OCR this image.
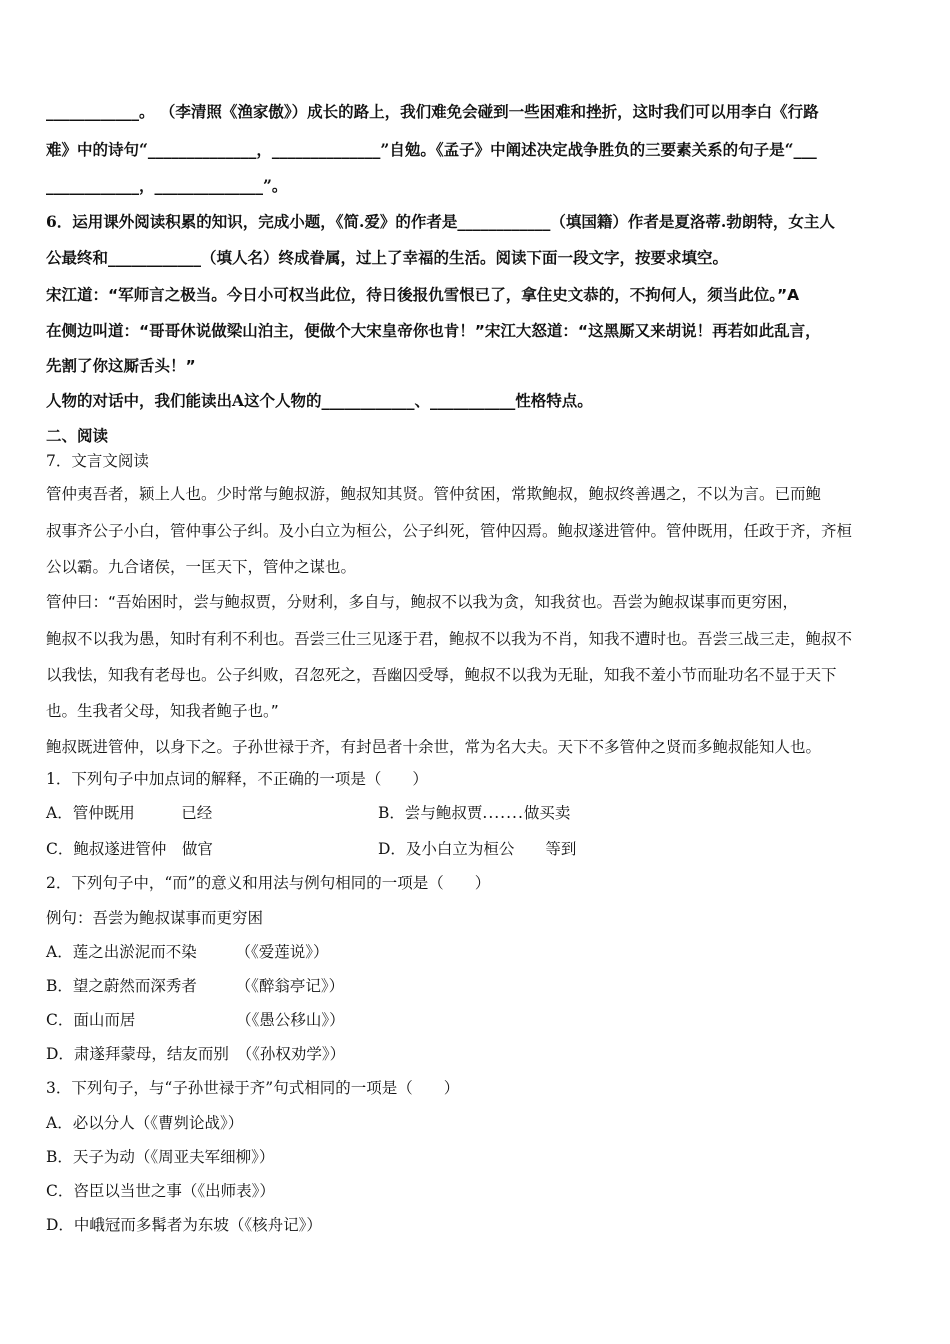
____________。 （李清照《渔家傲》）成长的路上，我们难免会碰到一些困难和挫折，这时我们可以用李白《行路
难》中的诗句“______________，______________”自勉。《孟子》中阐述决定战争胜负的三要素关系的句子是“___
____________，______________”。
6．运用课外阅读积累的知识，完成小题，《简.爱》的作者是____________（填国籍）作者是夏洛蒂.勃朗特，女主人
公最终和____________（填人名）终成眷属，过上了幸福的生活。阅读下面一段文字，按要求填空。
宋江道：“军师言之极当。今日小可权当此位，待日後报仇雪恨已了，拿住史文恭的，不拘何人，须当此位。”A
在侧边叫道：“哥哥休说做梁山泊主，便做个大宋皇帝你也肯！”宋江大怒道：“这黑厮又来胡说！再若如此乱言，
先割了你这厮舌头！”
人物的对话中，我们能读出A这个人物的____________、___________性格特点。
二、阅读
7．文言文阅读
管仲夷吾者，颍上人也。少时常与鲍叔游，鲍叔知其贤。管仲贫困，常欺鲍叔，鲍叔终善遇之，不以为言。已而鲍
叔事齐公子小白，管仲事公子纠。及小白立为桓公，公子纠死，管仲囚焉。鲍叔遂进管仲。管仲既用，任政于齐，齐桓
公以霸。九合诸侯，一匡天下，管仲之谋也。
管仲曰：“吾始困时，尝与鲍叔贾，分财利，多自与，鲍叔不以我为贪，知我贫也。吾尝为鲍叔谋事而更穷困，
鲍叔不以我为愚，知时有利不利也。吾尝三仕三见逐于君，鲍叔不以我为不肖，知我不遭时也。吾尝三战三走，鲍叔不
以我怯，知我有老母也。公子纠败，召忽死之，吾幽囚受辱，鲍叔不以我为无耻，知我不羞小节而耻功名不显于天下
也。生我者父母，知我者鲍子也。”
鲍叔既进管仲，以身下之。子孙世禄于齐，有封邑者十余世，常为名大夫。天下不多管仲之贤而多鲍叔能知人也。
1．下列句子中加点词的解释，不正确的一项是（　　）
A．管仲既用　　　已经	B．尝与鲍叔贾.......做买卖
C．鲍叔遂进管仲　做官	D．及小白立为桓公　　等到
2．下列句子中，“而”的意义和用法与例句相同的一项是（　　）
例句：吾尝为鲍叔谋事而更穷困
A．莲之出淤泥而不染　　　（《爱莲说》）
B．望之蔚然而深秀者　　　（《醉翁亭记》）
C．面山而居　　　　　　　（《愚公移山》）
D．肃遂拜蒙母，结友而别　（《孙权劝学》）
3．下列句子，与“子孙世禄于齐”句式相同的一项是（　　）
A．必以分人（《曹刿论战》）
B．天子为动（《周亚夫军细柳》）
C．咨臣以当世之事（《出师表》）
D．中峨冠而多髯者为东坡（《核舟记》）
